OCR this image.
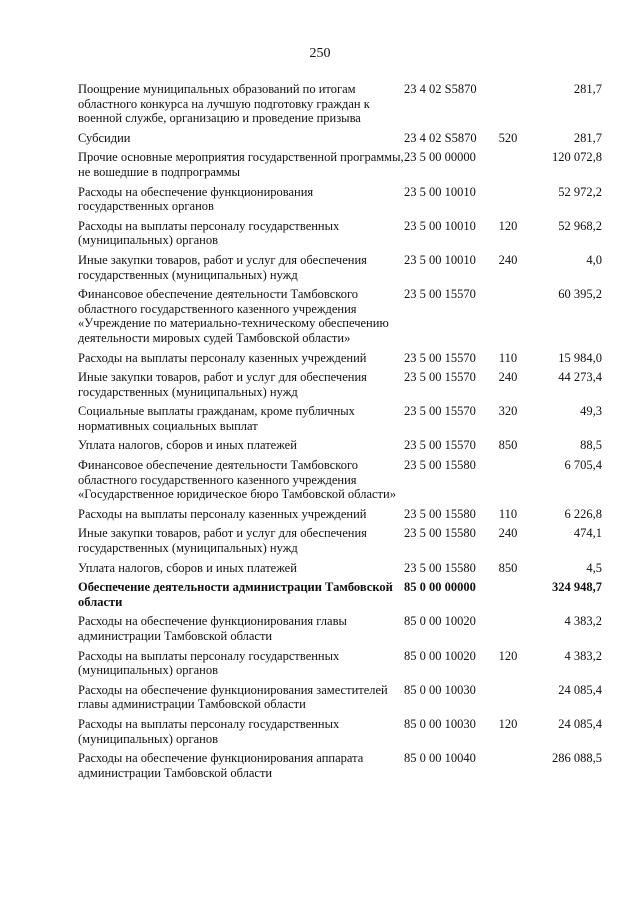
250
Поощрение муниципальных образований по итогам областного конкурса на лучшую подготовку граждан к военной службе, организацию и проведение призыва	23 4 02 S5870		281,7
Субсидии	23 4 02 S5870	520	281,7
Прочие основные мероприятия государственной программы, не вошедшие в подпрограммы	23 5 00 00000		120 072,8
Расходы на обеспечение функционирования государственных органов	23 5 00 10010		52 972,2
Расходы на выплаты персоналу государственных (муниципальных) органов	23 5 00 10010	120	52 968,2
Иные закупки товаров, работ и услуг для обеспечения государственных (муниципальных) нужд	23 5 00 10010	240	4,0
Финансовое обеспечение деятельности Тамбовского областного государственного казенного учреждения «Учреждение по материально-техническому обеспечению деятельности мировых судей Тамбовской области»	23 5 00 15570		60 395,2
Расходы на выплаты персоналу казенных учреждений	23 5 00 15570	110	15 984,0
Иные закупки товаров, работ и услуг для обеспечения государственных (муниципальных) нужд	23 5 00 15570	240	44 273,4
Социальные выплаты гражданам, кроме публичных нормативных социальных выплат	23 5 00 15570	320	49,3
Уплата налогов, сборов и иных платежей	23 5 00 15570	850	88,5
Финансовое обеспечение деятельности Тамбовского областного государственного казенного учреждения «Государственное юридическое бюро Тамбовской области»	23 5 00 15580		6 705,4
Расходы на выплаты персоналу казенных учреждений	23 5 00 15580	110	6 226,8
Иные закупки товаров, работ и услуг для обеспечения государственных (муниципальных) нужд	23 5 00 15580	240	474,1
Уплата налогов, сборов и иных платежей	23 5 00 15580	850	4,5
Обеспечение деятельности администрации Тамбовской области	85 0 00 00000		324 948,7
Расходы на обеспечение функционирования главы администрации Тамбовской области	85 0 00 10020		4 383,2
Расходы на выплаты персоналу государственных (муниципальных) органов	85 0 00 10020	120	4 383,2
Расходы на обеспечение функционирования заместителей главы администрации Тамбовской области	85 0 00 10030		24 085,4
Расходы на выплаты персоналу государственных (муниципальных) органов	85 0 00 10030	120	24 085,4
Расходы на обеспечение функционирования аппарата администрации Тамбовской области	85 0 00 10040		286 088,5
